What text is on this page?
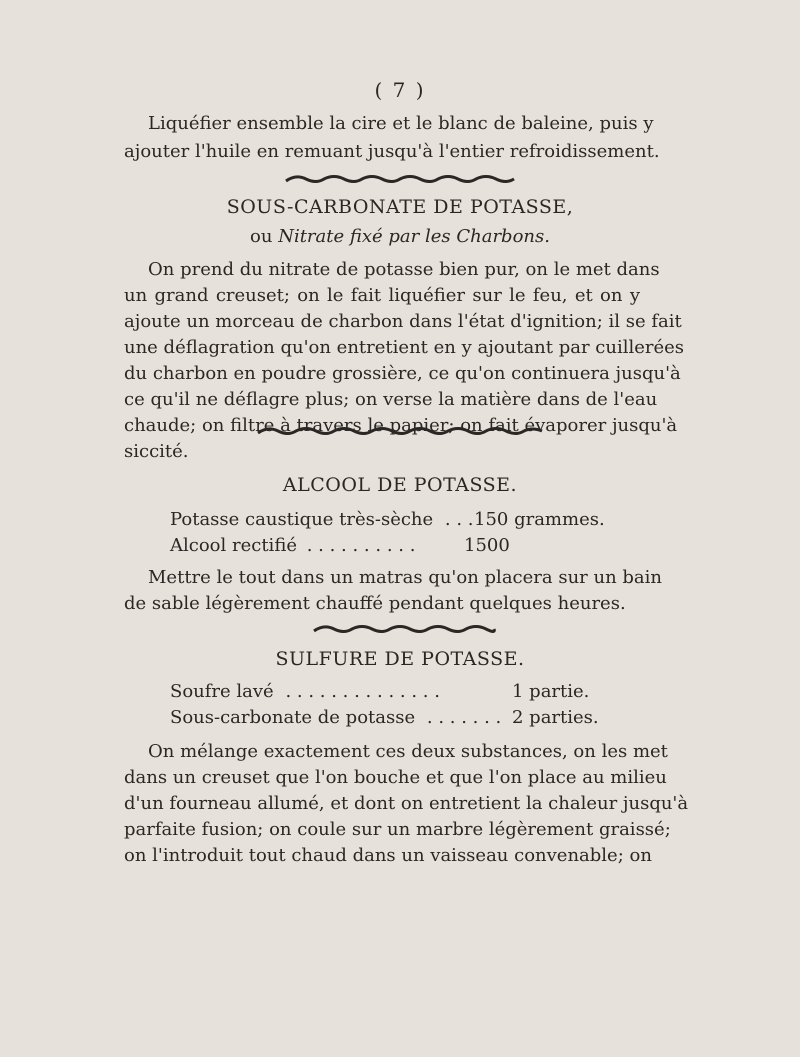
( 7 )
Liquéfier ensemble la cire et le blanc de baleine, puis y
ajouter l'huile en remuant jusqu'à l'entier refroidissement.
SOUS-CARBONATE DE POTASSE,
ou Nitrate fixé par les Charbons.
On prend du nitrate de potasse bien pur, on le met dans
un grand creuset; on le fait liquéfier sur le feu, et on y
ajoute un morceau de charbon dans l'état d'ignition; il se fait
une déflagration qu'on entretient en y ajoutant par cuillerées
du charbon en poudre grossière, ce qu'on continuera jusqu'à
ce qu'il ne déflagre plus; on verse la matière dans de l'eau
chaude; on filtre à travers le papier; on fait évaporer jusqu'à
siccité.
ALCOOL DE POTASSE.
Potasse caustique très-sèche . . . 150 grammes.
Alcool rectifié . . . . . . . . . .	1500
Mettre le tout dans un matras qu'on placera sur un bain
de sable légèrement chauffé pendant quelques heures.
SULFURE DE POTASSE.
Soufre lavé . . . . . . . . . . . . . .	1 partie.
Sous-carbonate de potasse . . . . . . . 2 parties.
On mélange exactement ces deux substances, on les met
dans un creuset que l'on bouche et que l'on place au milieu
d'un fourneau allumé, et dont on entretient la chaleur jusqu'à
parfaite fusion; on coule sur un marbre légèrement graissé;
on l'introduit tout chaud dans un vaisseau convenable; on
